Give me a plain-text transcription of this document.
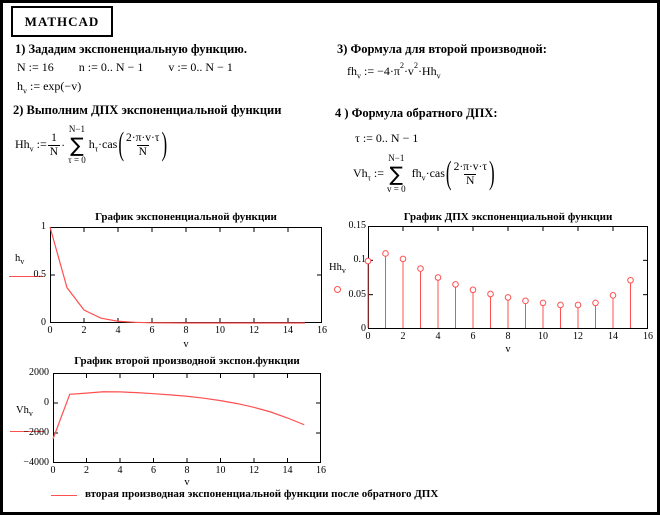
MATHCAD
1) Зададим экспоненциальную функцию.
N := 16 n := 0.. N − 1 v := 0.. N − 1
$h_v$ := exp(−v)
3) Формула для второй производной:
$fh_v$ := $-4\cdot\pi^2\cdot v^2\cdot Hh_v$
2) Выполним ДПХ экспоненциальной функции
$Hh_v$ := $\frac{1}{N}$ ·
N−1
∑
τ = 0
$h_\tau\cdot cas$ ( $\frac{2\cdot\pi\cdot v\cdot\tau}{N}$ )
4 ) Формула обратного ДПХ:
τ := 0.. N − 1
$Vh_\tau$ :=
N−1
∑
v = 0
$fh_v\cdot cas$ ( $\frac{2\cdot\pi\cdot v\cdot\tau}{N}$ )
График экспоненциальной функции
$h_v$
v
График ДПХ экспоненциальной функции
$Hh_v$
v
График второй производной экспон.функции
$Vh_v$
v
вторая производная экспоненциальной функции после обратного ДПХ
0	2	4	6	8	10	12	14	16
0
0.5
1
0	2	4	6	8	10	12	14	16
0
0.05
0.1
0.15
0	2	4	6	8	10	12	14	16
−4000
−2000
0
2000
